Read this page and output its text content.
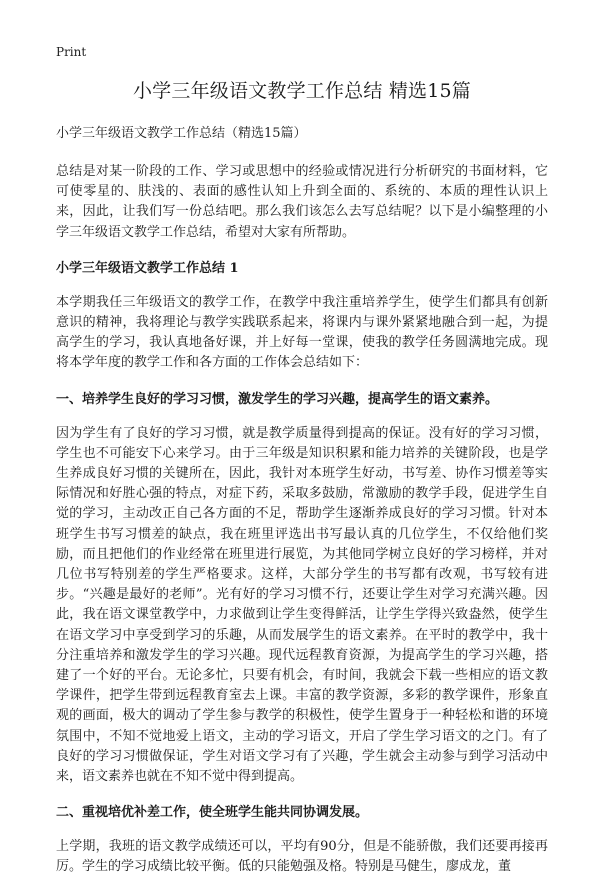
Print
小学三年级语文教学工作总结 精选15篇

小学三年级语文教学工作总结（精选15篇）

总结是对某一阶段的工作、学习或思想中的经验或情况进行分析研究的书面材料，它可使零星的、肤浅的、表面的感性认知上升到全面的、系统的、本质的理性认识上来，因此，让我们写一份总结吧。那么我们该怎么去写总结呢？以下是小编整理的小学三年级语文教学工作总结，希望对大家有所帮助。

小学三年级语文教学工作总结 1

本学期我任三年级语文的教学工作，在教学中我注重培养学生，使学生们都具有创新意识的精神，我将理论与教学实践联系起来，将课内与课外紧紧地融合到一起，为提高学生的学习，我认真地备好课，并上好每一堂课，使我的教学任务圆满地完成。现将本学年度的教学工作和各方面的工作体会总结如下：

一、培养学生良好的学习习惯，激发学生的学习兴趣，提高学生的语文素养。

因为学生有了良好的学习习惯，就是教学质量得到提高的保证。没有好的学习习惯，学生也不可能安下心来学习。由于三年级是知识积累和能力培养的关键阶段，也是学生养成良好习惯的关键所在，因此，我针对本班学生好动，书写差、协作习惯差等实际情况和好胜心强的特点，对症下药，采取多鼓励，常激励的教学手段，促进学生自觉的学习，主动改正自己各方面的不足，帮助学生逐渐养成良好的学习习惯。针对本班学生书写习惯差的缺点，我在班里评选出书写最认真的几位学生，不仅给他们奖励，而且把他们的作业经常在班里进行展览，为其他同学树立良好的学习榜样，并对几位书写特别差的学生严格要求。这样，大部分学生的书写都有改观，书写较有进步。“兴趣是最好的老师”。光有好的学习习惯不行，还要让学生对学习充满兴趣。因此，我在语文课堂教学中，力求做到让学生变得鲜活，让学生学得兴致盎然，使学生在语文学习中享受到学习的乐趣，从而发展学生的语文素养。在平时的教学中，我十分注重培养和激发学生的学习兴趣。现代远程教育资源，为提高学生的学习兴趣，搭建了一个好的平台。无论多忙，只要有机会，有时间，我就会下载一些相应的语文教学课件，把学生带到远程教育室去上课。丰富的教学资源，多彩的教学课件，形象直观的画面，极大的调动了学生参与教学的积极性，使学生置身于一种轻松和谐的环境氛围中，不知不觉地爱上语文，主动的学习语文，开启了学生学习语文的之门。有了良好的学习习惯做保证，学生对语文学习有了兴趣，学生就会主动参与到学习活动中来，语文素养也就在不知不觉中得到提高。

二、重视培优补差工作，使全班学生能共同协调发展。

上学期，我班的语文教学成绩还可以，平均有90分，但是不能骄傲，我们还要再接再厉。学生的学习成绩比较平衡。低的只能勉强及格。特别是马健生，廖成龙，董
